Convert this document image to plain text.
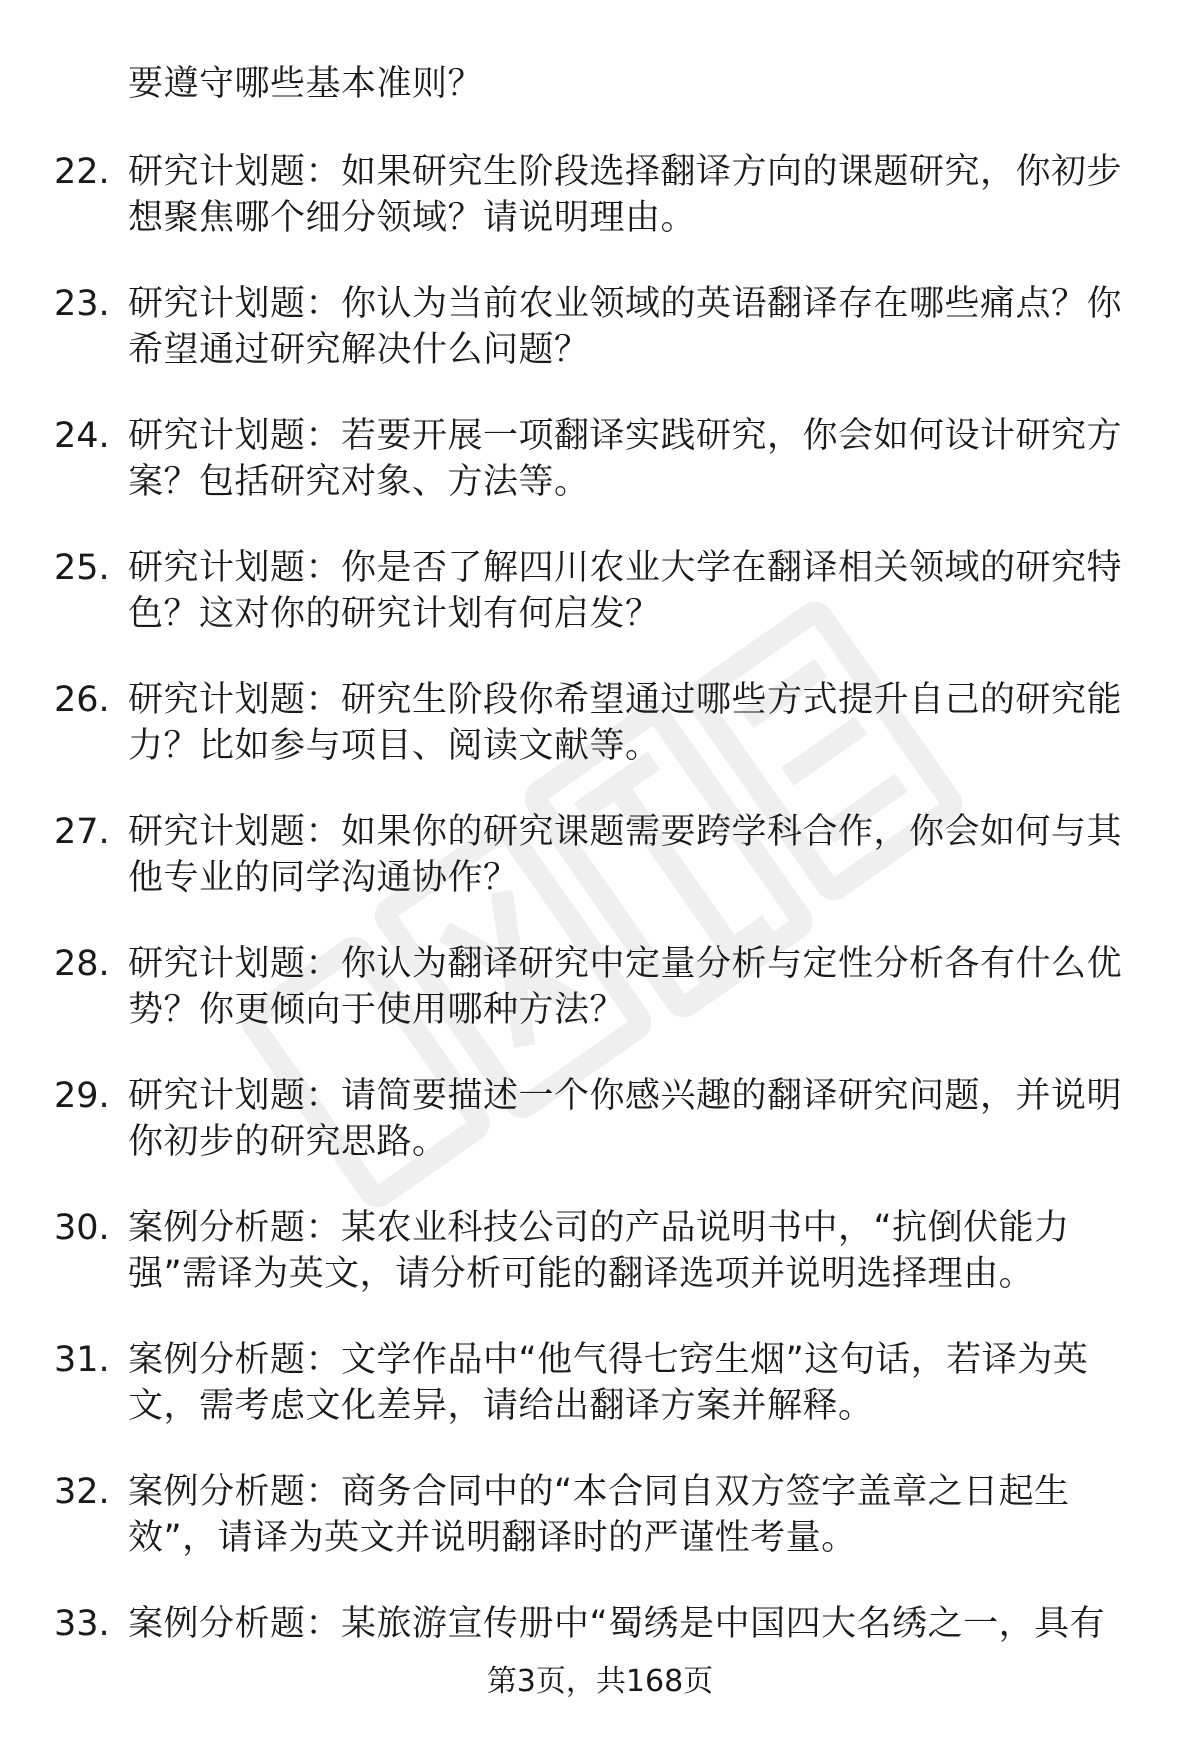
要遵守哪些基本准则？
22. 研究计划题：如果研究生阶段选择翻译方向的课题研究，你初步
想聚焦哪个细分领域？请说明理由。
23. 研究计划题：你认为当前农业领域的英语翻译存在哪些痛点？你
希望通过研究解决什么问题？
24. 研究计划题：若要开展一项翻译实践研究，你会如何设计研究方
案？包括研究对象、方法等。
25. 研究计划题：你是否了解四川农业大学在翻译相关领域的研究特
色？这对你的研究计划有何启发？
26. 研究计划题：研究生阶段你希望通过哪些方式提升自己的研究能
力？比如参与项目、阅读文献等。
27. 研究计划题：如果你的研究课题需要跨学科合作，你会如何与其
他专业的同学沟通协作？
28. 研究计划题：你认为翻译研究中定量分析与定性分析各有什么优
势？你更倾向于使用哪种方法？
29. 研究计划题：请简要描述一个你感兴趣的翻译研究问题，并说明
你初步的研究思路。
30. 案例分析题：某农业科技公司的产品说明书中，“抗倒伏能力
强”需译为英文，请分析可能的翻译选项并说明选择理由。
31. 案例分析题：文学作品中“他气得七窍生烟”这句话，若译为英
文，需考虑文化差异，请给出翻译方案并解释。
32. 案例分析题：商务合同中的“本合同自双方签字盖章之日起生
效”，请译为英文并说明翻译时的严谨性考量。
33. 案例分析题：某旅游宣传册中“蜀绣是中国四大名绣之一，具有
第3页，共168页
